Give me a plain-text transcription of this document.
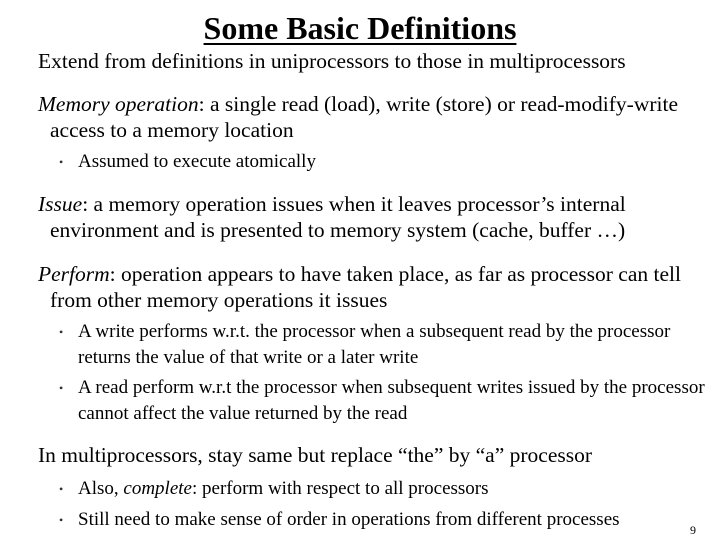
Some Basic Definitions
Extend from definitions in uniprocessors to those in multiprocessors
Memory operation: a single read (load), write (store) or read-modify-write access to a memory location
• Assumed to execute atomically
Issue: a memory operation issues when it leaves processor’s internal environment and is presented to memory system (cache, buffer …)
Perform: operation appears to have taken place, as far as processor can tell from other memory operations it issues
• A write performs w.r.t. the processor when a subsequent read by the processor returns the value of that write or a later write
• A read perform w.r.t the processor when subsequent writes issued by the processor cannot affect the value returned by the read
In multiprocessors, stay same but replace “the” by “a” processor
• Also, complete: perform with respect to all processors
• Still need to make sense of order in operations from different processes	9
